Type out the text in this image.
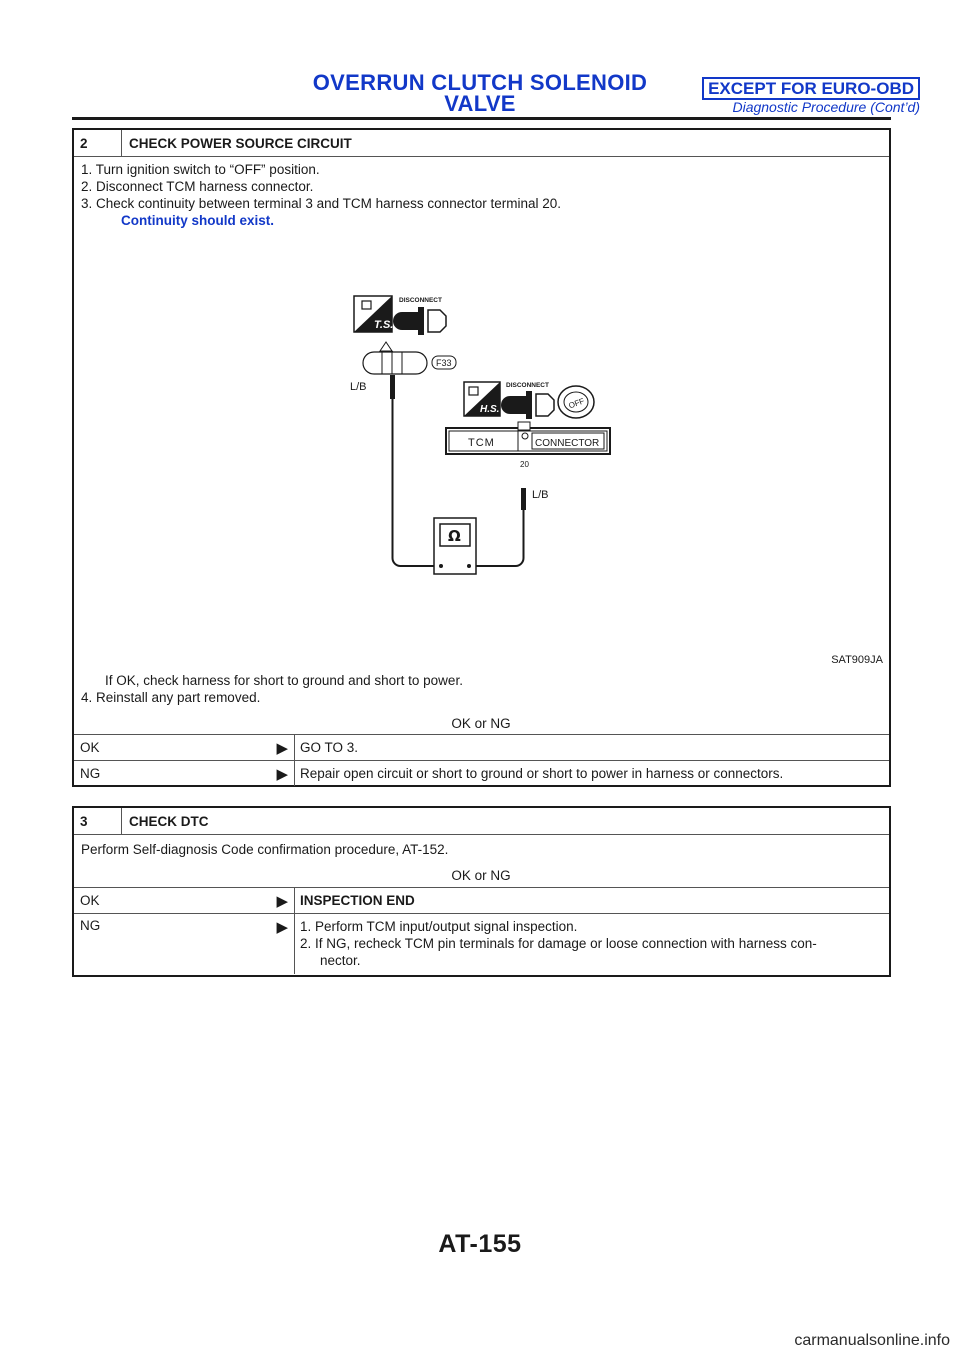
OVERRUN CLUTCH SOLENOID
VALVE
EXCEPT FOR EURO-OBD
Diagnostic Procedure (Cont’d)
2	CHECK POWER SOURCE CIRCUIT
1. Turn ignition switch to “OFF” position.
2. Disconnect TCM harness connector.
3. Check continuity between terminal 3 and TCM harness connector terminal 20.
Continuity should exist.
SAT909JA
If OK, check harness for short to ground and short to power.
4. Reinstall any part removed.
OK or NG
OK	▶ GO TO 3.
NG	▶ Repair open circuit or short to ground or short to power in harness or connectors.
T.S.
DISCONNECT
F33
L/B
H.S.
DISCONNECT
OFF
TCM	CONNECTOR
20
L/B
Ω
3	CHECK DTC
Perform Self-diagnosis Code confirmation procedure, AT-152.
OK or NG
OK	▶ INSPECTION END
NG	▶ 1. Perform TCM input/output signal inspection.
2. If NG, recheck TCM pin terminals for damage or loose connection with harness con-
nector.
AT-155
carmanualsonline.info
